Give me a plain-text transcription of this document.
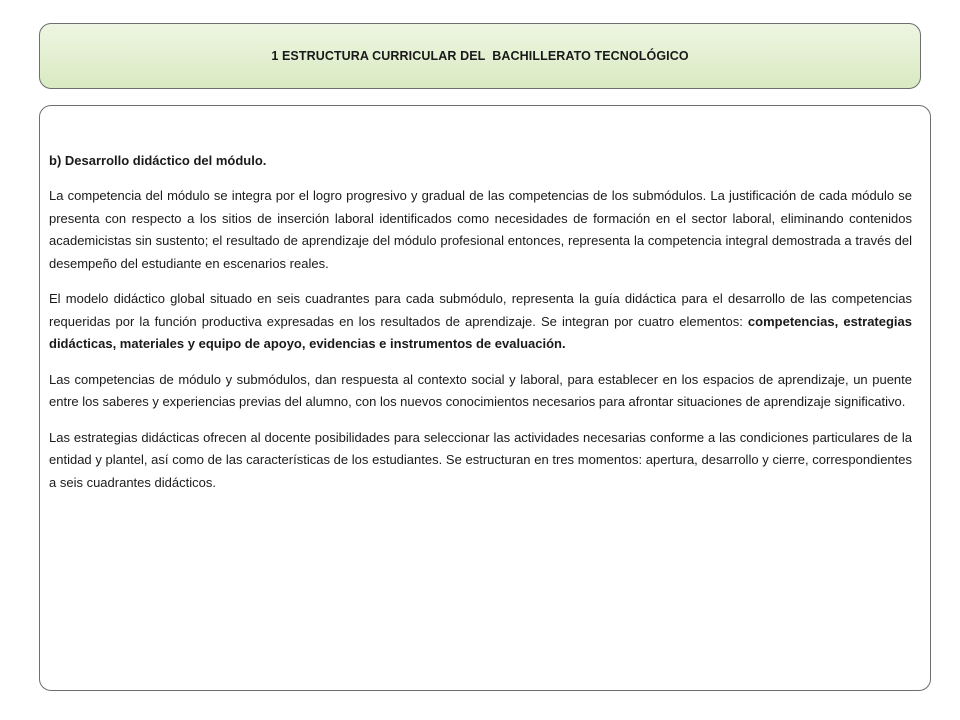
1 ESTRUCTURA CURRICULAR DEL  BACHILLERATO TECNOLÓGICO
b) Desarrollo didáctico del módulo.

La competencia del módulo se integra por el logro progresivo y gradual de las competencias de los submódulos. La justificación de cada módulo se presenta con respecto a los sitios de inserción laboral identificados como necesidades de formación en el sector laboral, eliminando contenidos academicistas sin sustento; el resultado de aprendizaje del módulo profesional entonces, representa la competencia integral demostrada a través del desempeño del estudiante en escenarios reales.

El modelo didáctico global situado en seis cuadrantes para cada submódulo, representa la guía didáctica para el desarrollo de las competencias requeridas por la función productiva expresadas en los resultados de aprendizaje. Se integran por cuatro elementos: competencias, estrategias didácticas, materiales y equipo de apoyo, evidencias e instrumentos de evaluación.

Las competencias de módulo y submódulos, dan respuesta al contexto social y laboral, para establecer en los espacios de aprendizaje, un puente entre los saberes y experiencias previas del alumno, con los nuevos conocimientos necesarios para afrontar situaciones de aprendizaje significativo.

Las estrategias didácticas ofrecen al docente posibilidades para seleccionar las actividades necesarias conforme a las condiciones particulares de la entidad y plantel, así como de las características de los estudiantes. Se estructuran en tres momentos: apertura, desarrollo y cierre, correspondientes a seis cuadrantes didácticos.
